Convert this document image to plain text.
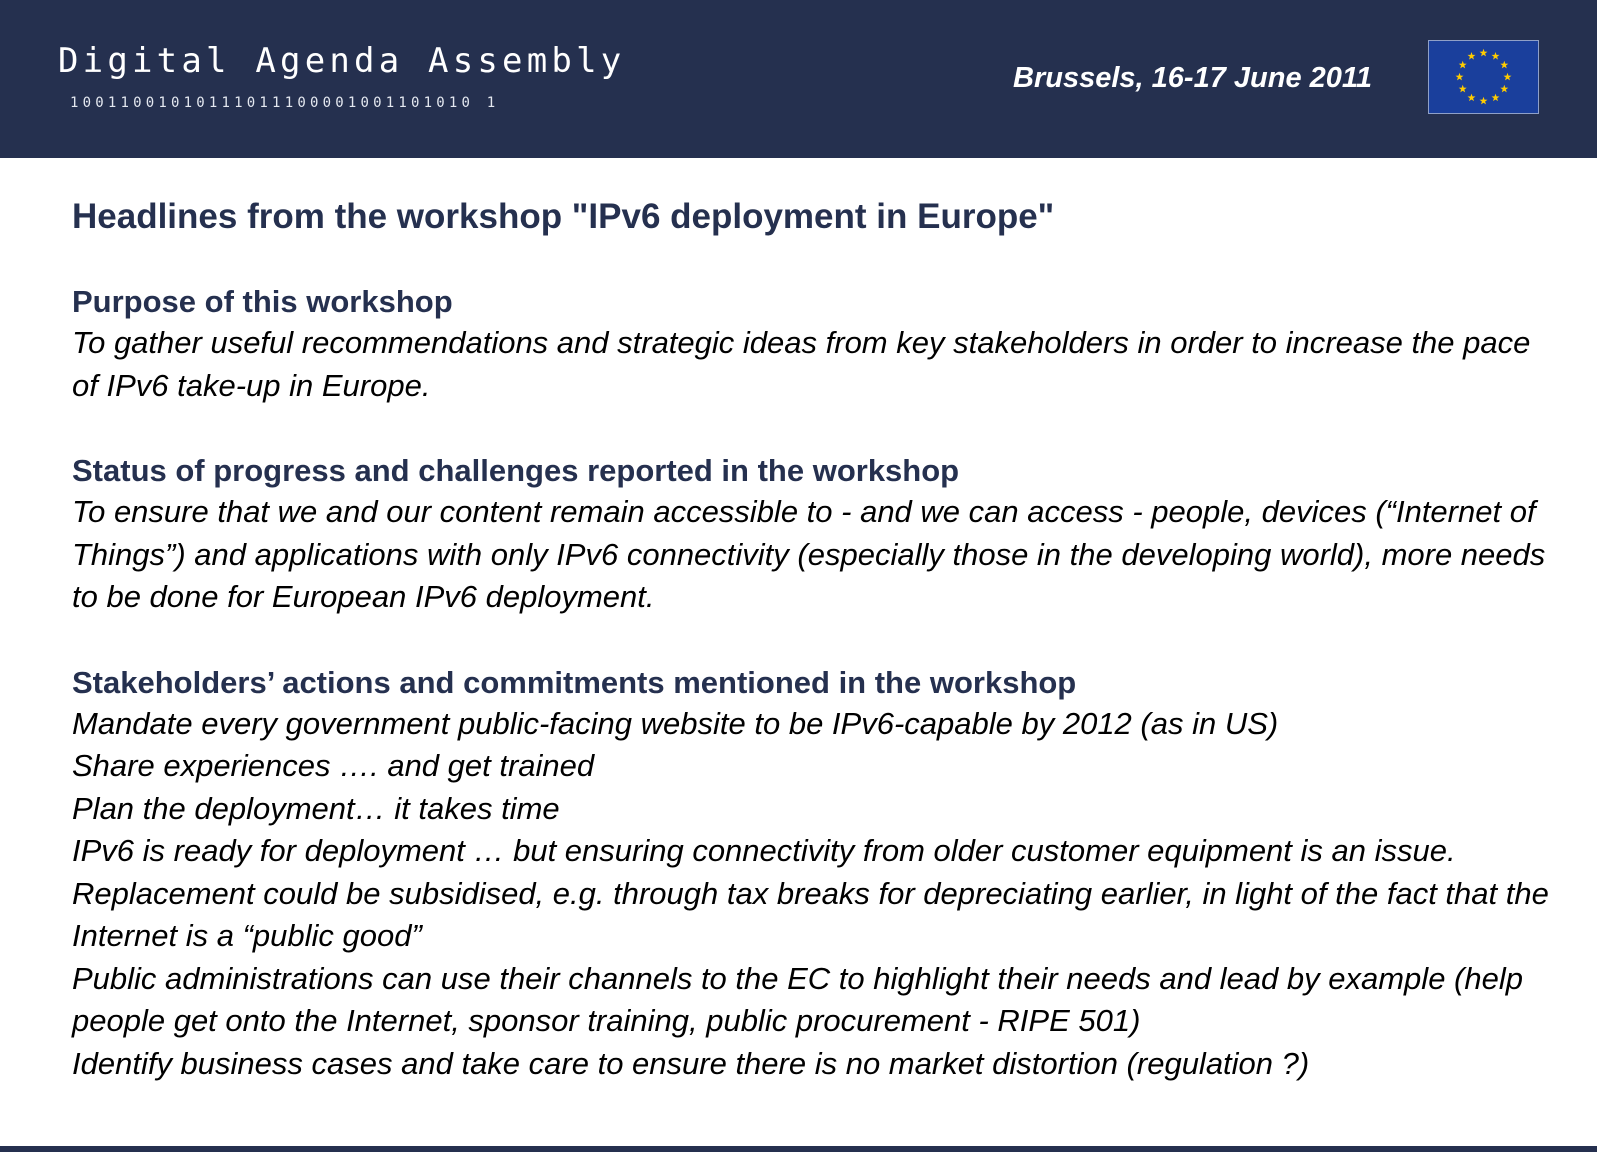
Digital Agenda Assembly
10011001010111011100001001101010 1
Brussels, 16-17 June 2011
Headlines from the workshop "IPv6 deployment in Europe"
Purpose of this workshop

To gather useful recommendations and strategic ideas from key stakeholders in order to increase the pace of IPv6 take-up in Europe.

Status of progress and challenges reported in the workshop

To ensure that we and our content remain accessible to - and we can access - people, devices (“Internet of Things”) and applications with only IPv6 connectivity (especially those in the developing world), more needs to be done for European IPv6 deployment.

Stakeholders’ actions and commitments mentioned in the workshop
Mandate every government public-facing website to be IPv6-capable by 2012 (as in US)
Share experiences …. and get trained
Plan the deployment… it takes time
IPv6 is ready for deployment … but ensuring connectivity from older customer equipment is an issue. Replacement could be subsidised, e.g. through tax breaks for depreciating earlier, in light of the fact that the Internet is a “public good”
Public administrations can use their channels to the EC to highlight their needs and lead by example (help people get onto the Internet, sponsor training, public procurement - RIPE 501)
Identify business cases and take care to ensure there is no market distortion (regulation ?)
